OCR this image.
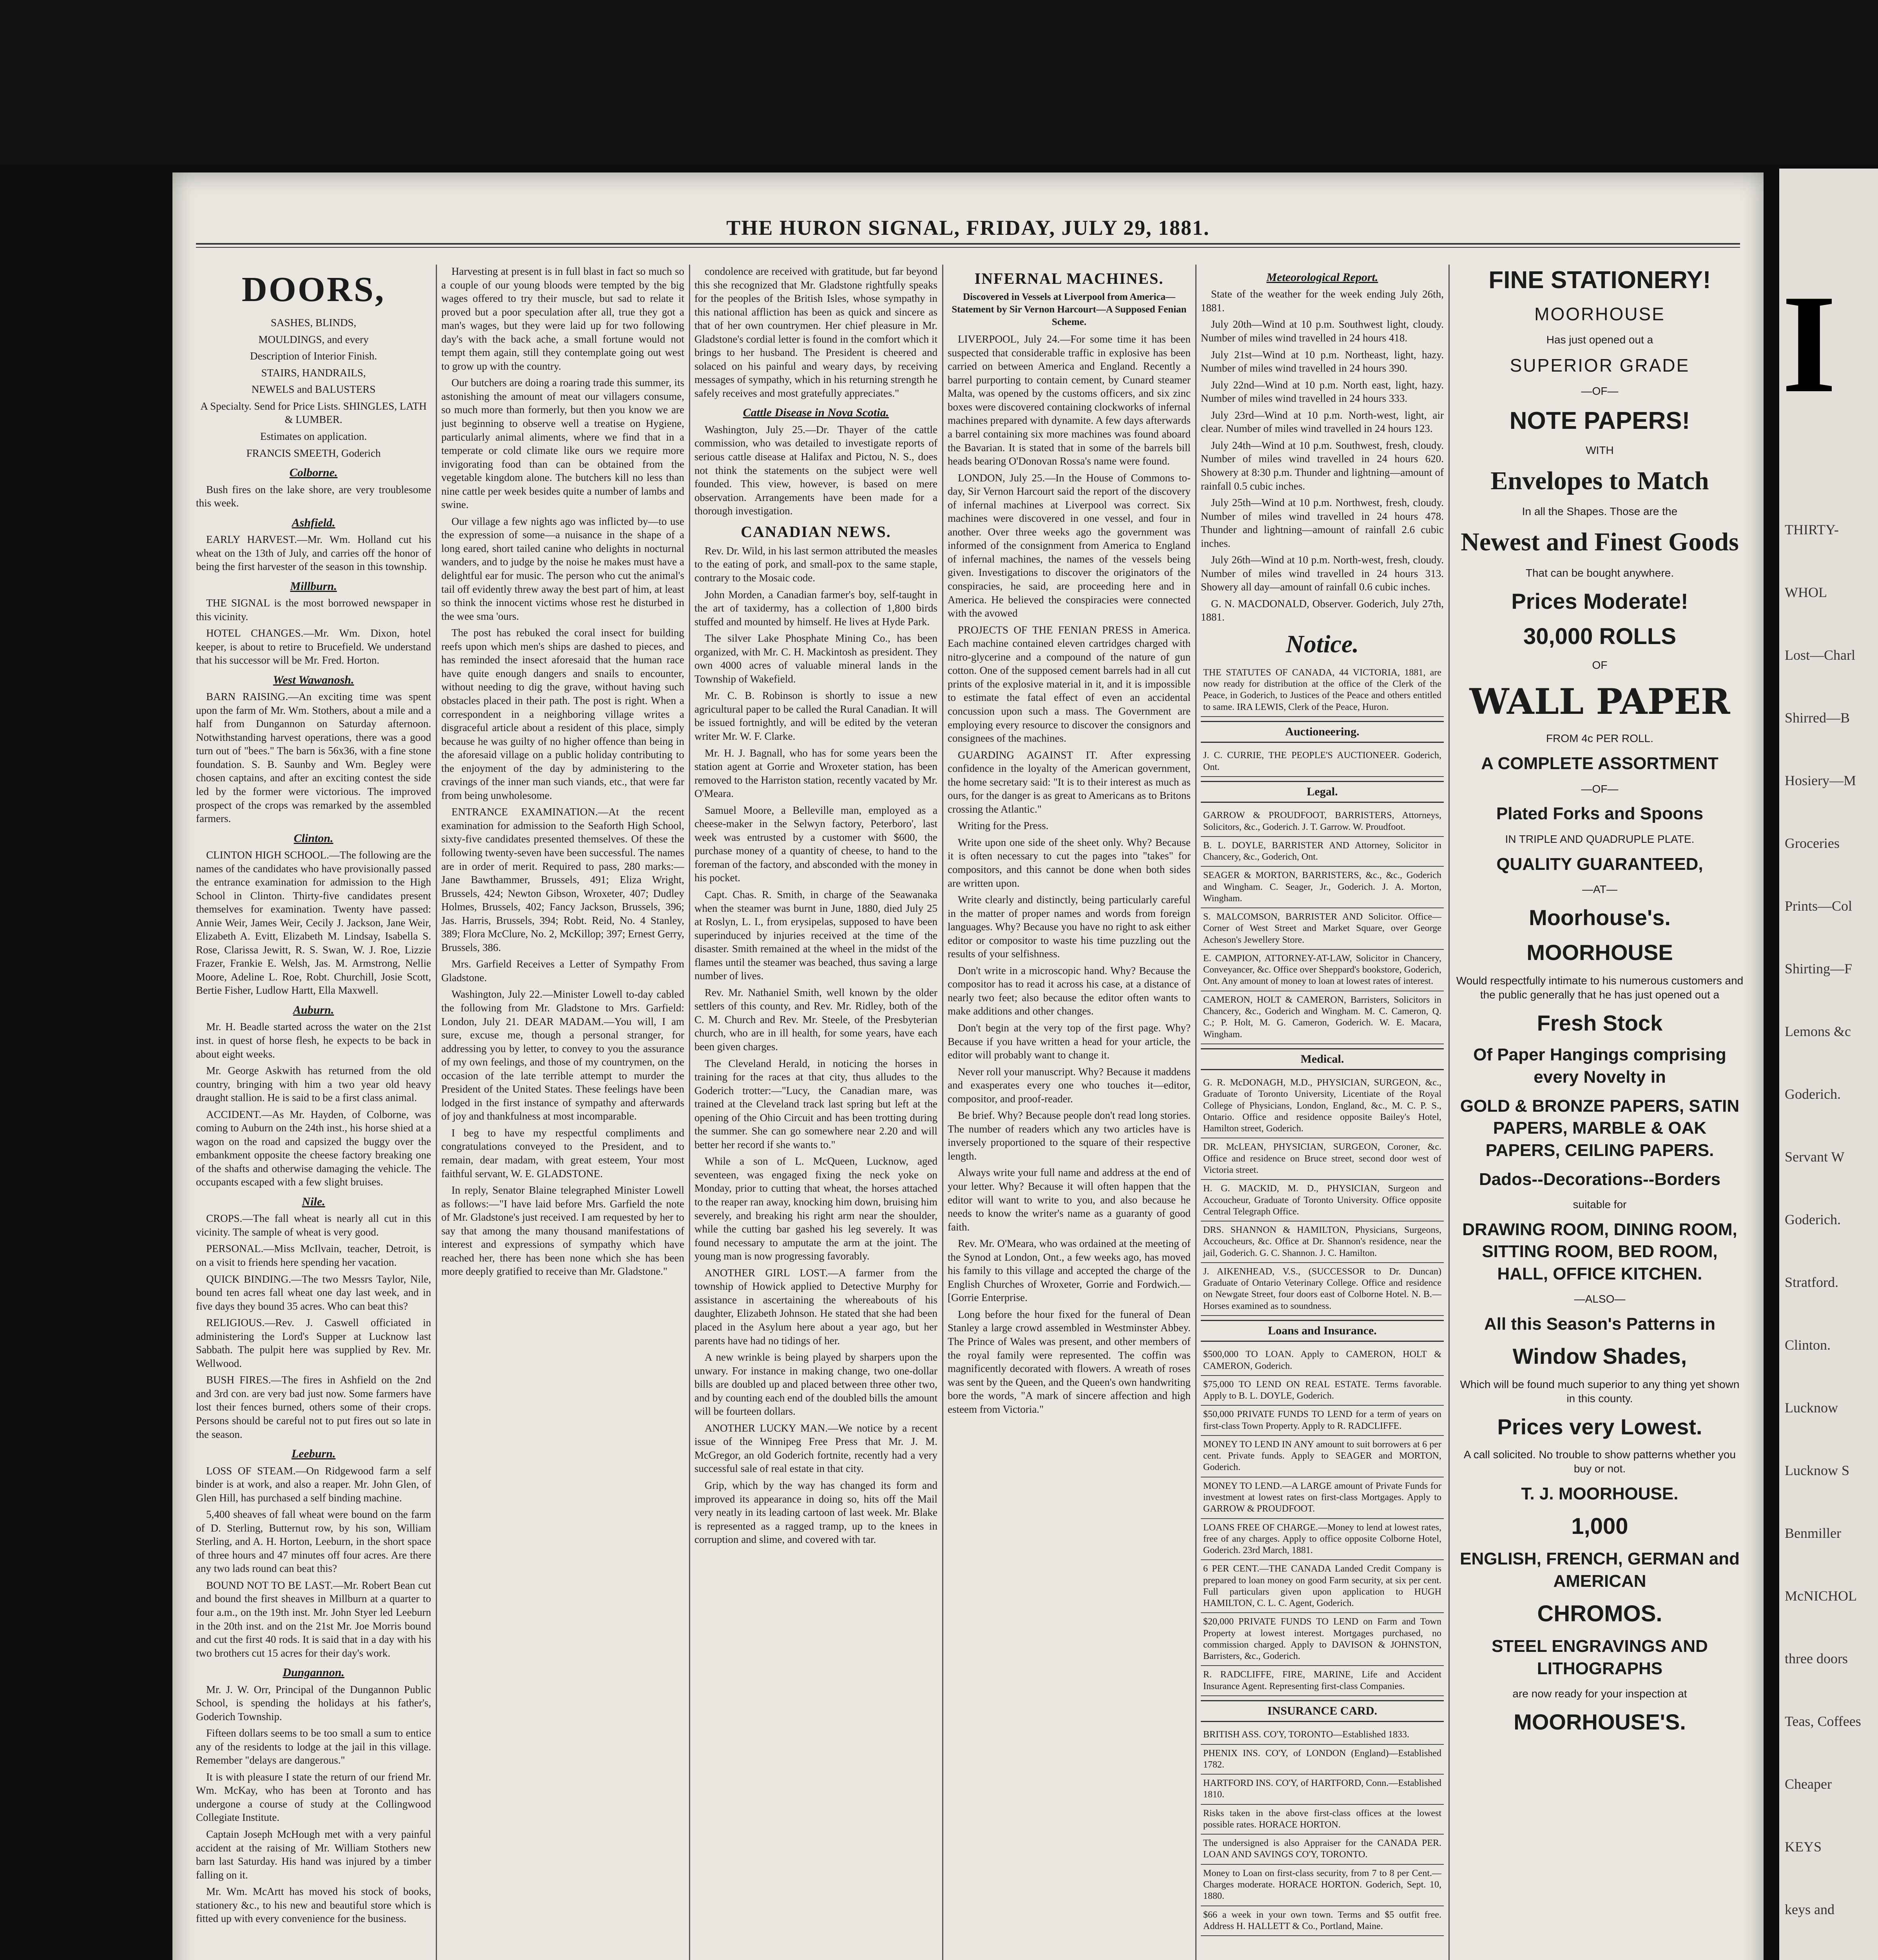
THE HURON SIGNAL, FRIDAY, JULY 29, 1881.
DOORS,

SASHES, BLINDS,

MOULDINGS, and every

Description of Interior Finish.

STAIRS, HANDRAILS,

NEWELS and BALUSTERS

A Specialty. Send for Price Lists. SHINGLES, LATH & LUMBER.

Estimates on application.

FRANCIS SMEETH, Goderich

Colborne.

Bush fires on the lake shore, are very troublesome this week.

Ashfield.

EARLY HARVEST.—Mr. Wm. Holland cut his wheat on the 13th of July, and carries off the honor of being the first harvester of the season in this township.

Millburn.

THE SIGNAL is the most borrowed newspaper in this vicinity.

HOTEL CHANGES.—Mr. Wm. Dixon, hotel keeper, is about to retire to Brucefield. We understand that his successor will be Mr. Fred. Horton.

West Wawanosh.

BARN RAISING.—An exciting time was spent upon the farm of Mr. Wm. Stothers, about a mile and a half from Dungannon on Saturday afternoon. Notwithstanding harvest operations, there was a good turn out of "bees." The barn is 56x36, with a fine stone foundation. S. B. Saunby and Wm. Begley were chosen captains, and after an exciting contest the side led by the former were victorious. The improved prospect of the crops was remarked by the assembled farmers.

Clinton.

CLINTON HIGH SCHOOL.—The following are the names of the candidates who have provisionally passed the entrance examination for admission to the High School in Clinton. Thirty-five candidates present themselves for examination. Twenty have passed: Annie Weir, James Weir, Cecily J. Jackson, Jane Weir, Elizabeth A. Evitt, Elizabeth M. Lindsay, Isabella S. Rose, Clarissa Jewitt, R. S. Swan, W. J. Roe, Lizzie Frazer, Frankie E. Welsh, Jas. M. Armstrong, Nellie Moore, Adeline L. Roe, Robt. Churchill, Josie Scott, Bertie Fisher, Ludlow Hartt, Ella Maxwell.

Auburn.

Mr. H. Beadle started across the water on the 21st inst. in quest of horse flesh, he expects to be back in about eight weeks.

Mr. George Askwith has returned from the old country, bringing with him a two year old heavy draught stallion. He is said to be a first class animal.

ACCIDENT.—As Mr. Hayden, of Colborne, was coming to Auburn on the 24th inst., his horse shied at a wagon on the road and capsized the buggy over the embankment opposite the cheese factory breaking one of the shafts and otherwise damaging the vehicle. The occupants escaped with a few slight bruises.

Nile.

CROPS.—The fall wheat is nearly all cut in this vicinity. The sample of wheat is very good.

PERSONAL.—Miss McIlvain, teacher, Detroit, is on a visit to friends here spending her vacation.

QUICK BINDING.—The two Messrs Taylor, Nile, bound ten acres fall wheat one day last week, and in five days they bound 35 acres. Who can beat this?

RELIGIOUS.—Rev. J. Caswell officiated in administering the Lord's Supper at Lucknow last Sabbath. The pulpit here was supplied by Rev. Mr. Wellwood.

BUSH FIRES.—The fires in Ashfield on the 2nd and 3rd con. are very bad just now. Some farmers have lost their fences burned, others some of their crops. Persons should be careful not to put fires out so late in the season.

Leeburn.

LOSS OF STEAM.—On Ridgewood farm a self binder is at work, and also a reaper. Mr. John Glen, of Glen Hill, has purchased a self binding machine.

5,400 sheaves of fall wheat were bound on the farm of D. Sterling, Butternut row, by his son, William Sterling, and A. H. Horton, Leeburn, in the short space of three hours and 47 minutes off four acres. Are there any two lads round can beat this?

BOUND NOT TO BE LAST.—Mr. Robert Bean cut and bound the first sheaves in Millburn at a quarter to four a.m., on the 19th inst. Mr. John Styer led Leeburn in the 20th inst. and on the 21st Mr. Joe Morris bound and cut the first 40 rods. It is said that in a day with his two brothers cut 15 acres for their day's work.

Dungannon.

Mr. J. W. Orr, Principal of the Dungannon Public School, is spending the holidays at his father's, Goderich Township.

Fifteen dollars seems to be too small a sum to entice any of the residents to lodge at the jail in this village. Remember "delays are dangerous."

It is with pleasure I state the return of our friend Mr. Wm. McKay, who has been at Toronto and has undergone a course of study at the Collingwood Collegiate Institute.

Captain Joseph McHough met with a very painful accident at the raising of Mr. William Stothers new barn last Saturday. His hand was injured by a timber falling on it.

Mr. Wm. McArtt has moved his stock of books, stationery &c., to his new and beautiful store which is fitted up with every convenience for the business.

Harvesting at present is in full blast in fact so much so a couple of our young bloods were tempted by the big wages offered to try their muscle, but sad to relate it proved but a poor speculation after all, true they got a man's wages, but they were laid up for two following day's with the back ache, a small fortune would not tempt them again, still they contemplate going out west to grow up with the country.

Our butchers are doing a roaring trade this summer, its astonishing the amount of meat our villagers consume, so much more than formerly, but then you know we are just beginning to observe well a treatise on Hygiene, particularly animal aliments, where we find that in a temperate or cold climate like ours we require more invigorating food than can be obtained from the vegetable kingdom alone. The butchers kill no less than nine cattle per week besides quite a number of lambs and swine.

Our village a few nights ago was inflicted by—to use the expression of some—a nuisance in the shape of a long eared, short tailed canine who delights in nocturnal wanders, and to judge by the noise he makes must have a delightful ear for music. The person who cut the animal's tail off evidently threw away the best part of him, at least so think the innocent victims whose rest he disturbed in the wee sma 'ours.

The post has rebuked the coral insect for building reefs upon which men's ships are dashed to pieces, and has reminded the insect aforesaid that the human race have quite enough dangers and snails to encounter, without needing to dig the grave, without having such obstacles placed in their path. The post is right. When a correspondent in a neighboring village writes a disgraceful article about a resident of this place, simply because he was guilty of no higher offence than being in the aforesaid village on a public holiday contributing to the enjoyment of the day by administering to the cravings of the inner man such viands, etc., that were far from being unwholesome.

ENTRANCE EXAMINATION.—At the recent examination for admission to the Seaforth High School, sixty-five candidates presented themselves. Of these the following twenty-seven have been successful. The names are in order of merit. Required to pass, 280 marks:—Jane Bawthammer, Brussels, 491; Eliza Wright, Brussels, 424; Newton Gibson, Wroxeter, 407; Dudley Holmes, Brussels, 402; Fancy Jackson, Brussels, 396; Jas. Harris, Brussels, 394; Robt. Reid, No. 4 Stanley, 389; Flora McClure, No. 2, McKillop; 397; Ernest Gerry, Brussels, 386.

Mrs. Garfield Receives a Letter of Sympathy From Gladstone.

Washington, July 22.—Minister Lowell to-day cabled the following from Mr. Gladstone to Mrs. Garfield: London, July 21. DEAR MADAM.—You will, I am sure, excuse me, though a personal stranger, for addressing you by letter, to convey to you the assurance of my own feelings, and those of my countrymen, on the occasion of the late terrible attempt to murder the President of the United States. These feelings have been lodged in the first instance of sympathy and afterwards of joy and thankfulness at most incomparable.

I beg to have my respectful compliments and congratulations conveyed to the President, and to remain, dear madam, with great esteem, Your most faithful servant, W. E. GLADSTONE.

In reply, Senator Blaine telegraphed Minister Lowell as follows:—"I have laid before Mrs. Garfield the note of Mr. Gladstone's just received. I am requested by her to say that among the many thousand manifestations of interest and expressions of sympathy which have reached her, there has been none which she has been more deeply gratified to receive than Mr. Gladstone."

condolence are received with gratitude, but far beyond this she recognized that Mr. Gladstone rightfully speaks for the peoples of the British Isles, whose sympathy in this national affliction has been as quick and sincere as that of her own countrymen. Her chief pleasure in Mr. Gladstone's cordial letter is found in the comfort which it brings to her husband. The President is cheered and solaced on his painful and weary days, by receiving messages of sympathy, which in his returning strength he safely receives and most gratefully appreciates."

Cattle Disease in Nova Scotia.

Washington, July 25.—Dr. Thayer of the cattle commission, who was detailed to investigate reports of serious cattle disease at Halifax and Pictou, N. S., does not think the statements on the subject were well founded. This view, however, is based on mere observation. Arrangements have been made for a thorough investigation.

CANADIAN NEWS.

Rev. Dr. Wild, in his last sermon attributed the measles to the eating of pork, and small-pox to the same staple, contrary to the Mosaic code.

John Morden, a Canadian farmer's boy, self-taught in the art of taxidermy, has a collection of 1,800 birds stuffed and mounted by himself. He lives at Hyde Park.

The silver Lake Phosphate Mining Co., has been organized, with Mr. C. H. Mackintosh as president. They own 4000 acres of valuable mineral lands in the Township of Wakefield.

Mr. C. B. Robinson is shortly to issue a new agricultural paper to be called the Rural Canadian. It will be issued fortnightly, and will be edited by the veteran writer Mr. W. F. Clarke.

Mr. H. J. Bagnall, who has for some years been the station agent at Gorrie and Wroxeter station, has been removed to the Harriston station, recently vacated by Mr. O'Meara.

Samuel Moore, a Belleville man, employed as a cheese-maker in the Selwyn factory, Peterboro', last week was entrusted by a customer with $600, the purchase money of a quantity of cheese, to hand to the foreman of the factory, and absconded with the money in his pocket.

Capt. Chas. R. Smith, in charge of the Seawanaka when the steamer was burnt in June, 1880, died July 25 at Roslyn, L. I., from erysipelas, supposed to have been superinduced by injuries received at the time of the disaster. Smith remained at the wheel in the midst of the flames until the steamer was beached, thus saving a large number of lives.

Rev. Mr. Nathaniel Smith, well known by the older settlers of this county, and Rev. Mr. Ridley, both of the C. M. Church and Rev. Mr. Steele, of the Presbyterian church, who are in ill health, for some years, have each been given charges.

The Cleveland Herald, in noticing the horses in training for the races at that city, thus alludes to the Goderich trotter:—"Lucy, the Canadian mare, was trained at the Cleveland track last spring but left at the opening of the Ohio Circuit and has been trotting during the summer. She can go somewhere near 2.20 and will better her record if she wants to."

While a son of L. McQueen, Lucknow, aged seventeen, was engaged fixing the neck yoke on Monday, prior to cutting that wheat, the horses attached to the reaper ran away, knocking him down, bruising him severely, and breaking his right arm near the shoulder, while the cutting bar gashed his leg severely. It was found necessary to amputate the arm at the joint. The young man is now progressing favorably.

ANOTHER GIRL LOST.—A farmer from the township of Howick applied to Detective Murphy for assistance in ascertaining the whereabouts of his daughter, Elizabeth Johnson. He stated that she had been placed in the Asylum here about a year ago, but her parents have had no tidings of her.

A new wrinkle is being played by sharpers upon the unwary. For instance in making change, two one-dollar bills are doubled up and placed between three other two, and by counting each end of the doubled bills the amount will be fourteen dollars.

ANOTHER LUCKY MAN.—We notice by a recent issue of the Winnipeg Free Press that Mr. J. M. McGregor, an old Goderich fortnite, recently had a very successful sale of real estate in that city.

Grip, which by the way has changed its form and improved its appearance in doing so, hits off the Mail very neatly in its leading cartoon of last week. Mr. Blake is represented as a ragged tramp, up to the knees in corruption and slime, and covered with tar.

INFERNAL MACHINES.
Discovered in Vessels at Liverpool from America—Statement by Sir Vernon Harcourt—A Supposed Fenian Scheme.

LIVERPOOL, July 24.—For some time it has been suspected that considerable traffic in explosive has been carried on between America and England. Recently a barrel purporting to contain cement, by Cunard steamer Malta, was opened by the customs officers, and six zinc boxes were discovered containing clockworks of infernal machines prepared with dynamite. A few days afterwards a barrel containing six more machines was found aboard the Bavarian. It is stated that in some of the barrels bill heads bearing O'Donovan Rossa's name were found.

LONDON, July 25.—In the House of Commons to-day, Sir Vernon Harcourt said the report of the discovery of infernal machines at Liverpool was correct. Six machines were discovered in one vessel, and four in another. Over three weeks ago the government was informed of the consignment from America to England of infernal machines, the names of the vessels being given. Investigations to discover the originators of the conspiracies, he said, are proceeding here and in America. He believed the conspiracies were connected with the avowed

PROJECTS OF THE FENIAN PRESS in America. Each machine contained eleven cartridges charged with nitro-glycerine and a compound of the nature of gun cotton. One of the supposed cement barrels had in all cut prints of the explosive material in it, and it is impossible to estimate the fatal effect of even an accidental concussion upon such a mass. The Government are employing every resource to discover the consignors and consignees of the machines.

GUARDING AGAINST IT. After expressing confidence in the loyalty of the American government, the home secretary said: "It is to their interest as much as ours, for the danger is as great to Americans as to Britons crossing the Atlantic."

Writing for the Press.

Write upon one side of the sheet only. Why? Because it is often necessary to cut the pages into "takes" for compositors, and this cannot be done when both sides are written upon.

Write clearly and distinctly, being particularly careful in the matter of proper names and words from foreign languages. Why? Because you have no right to ask either editor or compositor to waste his time puzzling out the results of your selfishness.

Don't write in a microscopic hand. Why? Because the compositor has to read it across his case, at a distance of nearly two feet; also because the editor often wants to make additions and other changes.

Don't begin at the very top of the first page. Why? Because if you have written a head for your article, the editor will probably want to change it.

Never roll your manuscript. Why? Because it maddens and exasperates every one who touches it—editor, compositor, and proof-reader.

Be brief. Why? Because people don't read long stories. The number of readers which any two articles have is inversely proportioned to the square of their respective length.

Always write your full name and address at the end of your letter. Why? Because it will often happen that the editor will want to write to you, and also because he needs to know the writer's name as a guaranty of good faith.

Rev. Mr. O'Meara, who was ordained at the meeting of the Synod at London, Ont., a few weeks ago, has moved his family to this village and accepted the charge of the English Churches of Wroxeter, Gorrie and Fordwich.—[Gorrie Enterprise.

Long before the hour fixed for the funeral of Dean Stanley a large crowd assembled in Westminster Abbey. The Prince of Wales was present, and other members of the royal family were represented. The coffin was magnificently decorated with flowers. A wreath of roses was sent by the Queen, and the Queen's own handwriting bore the words, "A mark of sincere affection and high esteem from Victoria."

Meteorological Report.

State of the weather for the week ending July 26th, 1881.

July 20th—Wind at 10 p.m. Southwest light, cloudy. Number of miles wind travelled in 24 hours 418.

July 21st—Wind at 10 p.m. Northeast, light, hazy. Number of miles wind travelled in 24 hours 390.

July 22nd—Wind at 10 p.m. North east, light, hazy. Number of miles wind travelled in 24 hours 333.

July 23rd—Wind at 10 p.m. North-west, light, air clear. Number of miles wind travelled in 24 hours 123.

July 24th—Wind at 10 p.m. Southwest, fresh, cloudy. Number of miles wind travelled in 24 hours 620. Showery at 8:30 p.m. Thunder and lightning—amount of rainfall 0.5 cubic inches.

July 25th—Wind at 10 p.m. Northwest, fresh, cloudy. Number of miles wind travelled in 24 hours 478. Thunder and lightning—amount of rainfall 2.6 cubic inches.

July 26th—Wind at 10 p.m. North-west, fresh, cloudy. Number of miles wind travelled in 24 hours 313. Showery all day—amount of rainfall 0.6 cubic inches.

G. N. MACDONALD, Observer. Goderich, July 27th, 1881.

Notice.
THE STATUTES OF CANADA, 44 VICTORIA, 1881, are now ready for distribution at the office of the Clerk of the Peace, in Goderich, to Justices of the Peace and others entitled to same. IRA LEWIS, Clerk of the Peace, Huron.
Auctioneering.
J. C. CURRIE, THE PEOPLE'S AUCTIONEER. Goderich, Ont.
Legal.
GARROW & PROUDFOOT, BARRISTERS, Attorneys, Solicitors, &c., Goderich. J. T. Garrow. W. Proudfoot.
B. L. DOYLE, BARRISTER AND Attorney, Solicitor in Chancery, &c., Goderich, Ont.
SEAGER & MORTON, BARRISTERS, &c., &c., Goderich and Wingham. C. Seager, Jr., Goderich. J. A. Morton, Wingham.
S. MALCOMSON, BARRISTER AND Solicitor. Office—Corner of West Street and Market Square, over George Acheson's Jewellery Store.
E. CAMPION, ATTORNEY-AT-LAW, Solicitor in Chancery, Conveyancer, &c. Office over Sheppard's bookstore, Goderich, Ont. Any amount of money to loan at lowest rates of interest.
CAMERON, HOLT & CAMERON, Barristers, Solicitors in Chancery, &c., Goderich and Wingham. M. C. Cameron, Q. C.; P. Holt, M. G. Cameron, Goderich. W. E. Macara, Wingham.
Medical.
G. R. McDONAGH, M.D., PHYSICIAN, SURGEON, &c., Graduate of Toronto University, Licentiate of the Royal College of Physicians, London, England, &c., M. C. P. S., Ontario. Office and residence opposite Bailey's Hotel, Hamilton street, Goderich.
DR. McLEAN, PHYSICIAN, SURGEON, Coroner, &c. Office and residence on Bruce street, second door west of Victoria street.
H. G. MACKID, M. D., PHYSICIAN, Surgeon and Accoucheur, Graduate of Toronto University. Office opposite Central Telegraph Office.
DRS. SHANNON & HAMILTON, Physicians, Surgeons, Accoucheurs, &c. Office at Dr. Shannon's residence, near the jail, Goderich. G. C. Shannon. J. C. Hamilton.
J. AIKENHEAD, V.S., (SUCCESSOR to Dr. Duncan) Graduate of Ontario Veterinary College. Office and residence on Newgate Street, four doors east of Colborne Hotel. N. B.—Horses examined as to soundness.
Loans and Insurance.
$500,000 TO LOAN. Apply to CAMERON, HOLT & CAMERON, Goderich.
$75,000 TO LEND ON REAL ESTATE. Terms favorable. Apply to B. L. DOYLE, Goderich.
$50,000 PRIVATE FUNDS TO LEND for a term of years on first-class Town Property. Apply to R. RADCLIFFE.
MONEY TO LEND IN ANY amount to suit borrowers at 6 per cent. Private funds. Apply to SEAGER and MORTON, Goderich.
MONEY TO LEND.—A LARGE amount of Private Funds for investment at lowest rates on first-class Mortgages. Apply to GARROW & PROUDFOOT.
LOANS FREE OF CHARGE.—Money to lend at lowest rates, free of any charges. Apply to office opposite Colborne Hotel, Goderich. 23rd March, 1881.
6 PER CENT.—THE CANADA Landed Credit Company is prepared to loan money on good Farm security, at six per cent. Full particulars given upon application to HUGH HAMILTON, C. L. C. Agent, Goderich.
$20,000 PRIVATE FUNDS TO LEND on Farm and Town Property at lowest interest. Mortgages purchased, no commission charged. Apply to DAVISON & JOHNSTON, Barristers, &c., Goderich.
R. RADCLIFFE, FIRE, MARINE, Life and Accident Insurance Agent. Representing first-class Companies.
INSURANCE CARD.
BRITISH ASS. CO'Y, TORONTO—Established 1833.
PHENIX INS. CO'Y, of LONDON (England)—Established 1782.
HARTFORD INS. CO'Y, of HARTFORD, Conn.—Established 1810.
Risks taken in the above first-class offices at the lowest possible rates. HORACE HORTON.
The undersigned is also Appraiser for the CANADA PER. LOAN AND SAVINGS CO'Y, TORONTO.
Money to Loan on first-class security, from 7 to 8 per Cent.—Charges moderate. HORACE HORTON. Goderich, Sept. 10, 1880.
$66 a week in your own town. Terms and $5 outfit free. Address H. HALLETT & Co., Portland, Maine.
FINE STATIONERY!
MOORHOUSE
Has just opened out a
SUPERIOR GRADE
—OF—
NOTE PAPERS!
WITH
Envelopes to Match
In all the Shapes. Those are the
Newest and Finest Goods
That can be bought anywhere.
Prices Moderate!
30,000 ROLLS
OF
WALL PAPER
FROM 4c PER ROLL.
A COMPLETE ASSORTMENT
—OF—
Plated Forks and Spoons
IN TRIPLE AND QUADRUPLE PLATE.
QUALITY GUARANTEED,
—AT—
Moorhouse's.
MOORHOUSE
Would respectfully intimate to his numerous customers and the public generally that he has just opened out a
Fresh Stock
Of Paper Hangings comprising every Novelty in
GOLD & BRONZE PAPERS, SATIN PAPERS, MARBLE & OAK PAPERS, CEILING PAPERS.
Dados--Decorations--Borders
suitable for
DRAWING ROOM, DINING ROOM, SITTING ROOM, BED ROOM, HALL, OFFICE KITCHEN.
—ALSO—
All this Season's Patterns in
Window Shades,
Which will be found much superior to any thing yet shown in this county.
Prices very Lowest.
A call solicited. No trouble to show patterns whether you buy or not.
T. J. MOORHOUSE.
1,000
ENGLISH, FRENCH, GERMAN and AMERICAN
CHROMOS.
STEEL ENGRAVINGS AND LITHOGRAPHS
are now ready for your inspection at
MOORHOUSE'S.
I
THIRTY-
WHOL
Lost—Charl
Shirred—B
Hosiery—M
Groceries
Prints—Col
Shirting—F
Lemons &c
Goderich.
Servant W
Goderich.
Stratford.
Clinton.
Lucknow
Lucknow S
Benmiller
McNICHOL
three doors
Teas, Coffees
Cheaper
KEYS
keys and
